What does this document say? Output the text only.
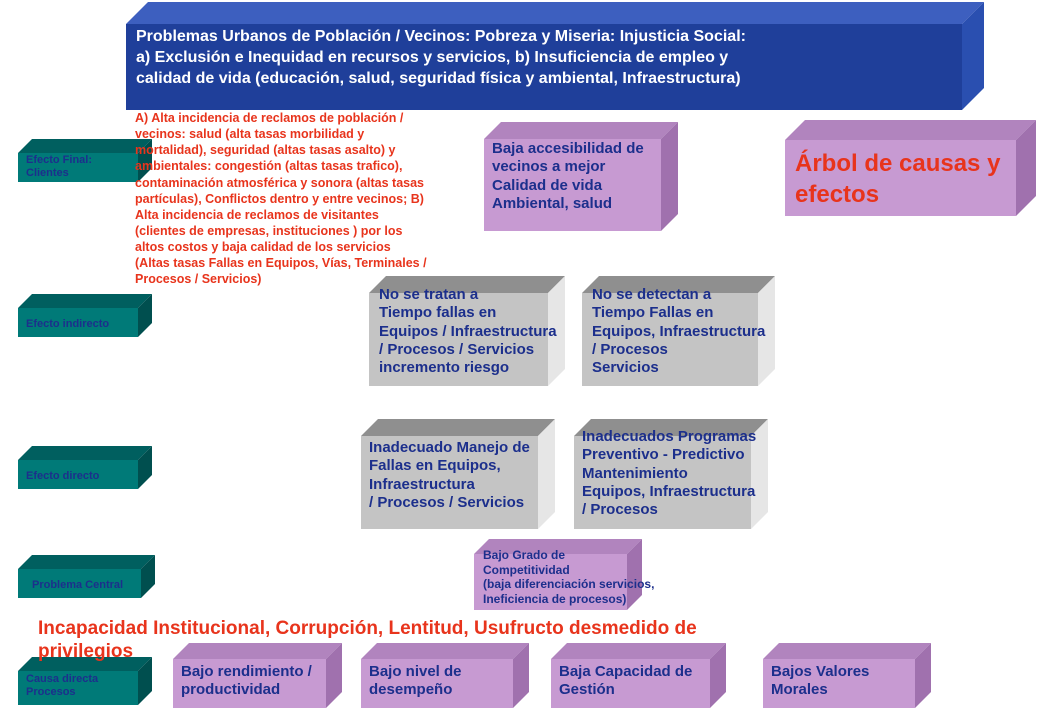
Problemas Urbanos de Población / Vecinos: Pobreza y Miseria: Injusticia Social:
a) Exclusión e Inequidad en recursos y servicios, b) Insuficiencia de empleo y
calidad de vida (educación, salud, seguridad física y ambiental, Infraestructura)
Árbol de causas y
efectos
Efecto Final:
Clientes
Efecto indirecto
Efecto directo
Problema Central
Causa directa
Procesos
Baja accesibilidad de
vecinos a mejor
Calidad de vida
Ambiental, salud
No se tratan a
Tiempo fallas en
Equipos / Infraestructura
/ Procesos / Servicios
incremento riesgo
No se detectan a
Tiempo Fallas en
Equipos, Infraestructura
/ Procesos
Servicios
Inadecuado Manejo de
Fallas en Equipos,
Infraestructura
/ Procesos / Servicios
Inadecuados Programas
Preventivo - Predictivo
Mantenimiento
Equipos, Infraestructura
/ Procesos
Bajo Grado de
Competitividad
(baja diferenciación servicios,
Ineficiencia de procesos)
Bajo rendimiento /
productividad
Bajo nivel de
desempeño
Baja Capacidad de
Gestión
Bajos Valores
Morales
A) Alta incidencia de reclamos de población /
vecinos: salud (alta tasas morbilidad y
mortalidad), seguridad (altas tasas asalto) y
ambientales: congestión (altas tasas trafico),
contaminación atmosférica y sonora (altas tasas
partículas), Conflictos dentro y entre vecinos; B)
Alta incidencia de reclamos de visitantes
(clientes de empresas, instituciones ) por los
altos costos y baja calidad de los servicios
(Altas tasas Fallas en Equipos, Vías, Terminales /
Procesos / Servicios)
Incapacidad Institucional, Corrupción, Lentitud, Usufructo desmedido de
privilegios
